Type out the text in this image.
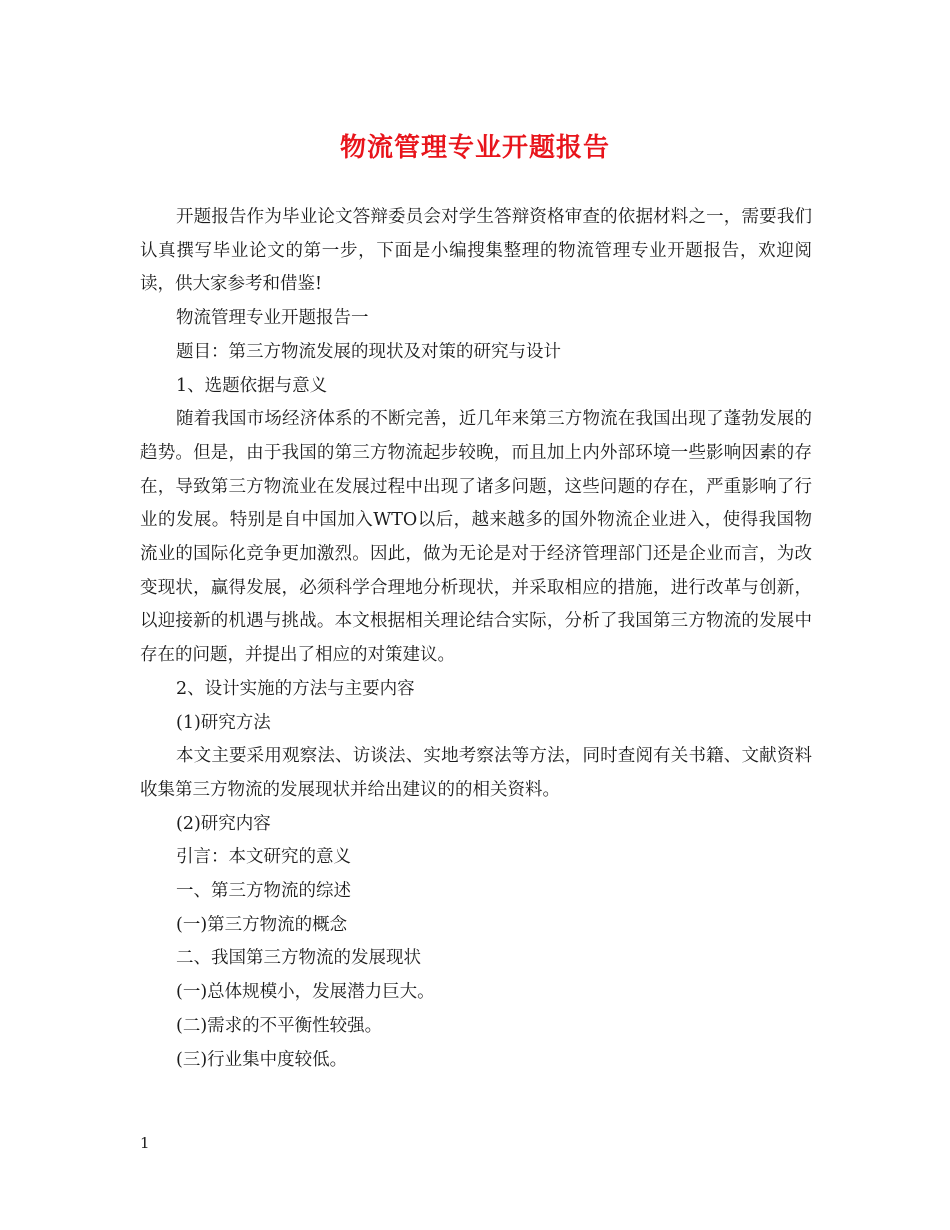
物流管理专业开题报告

开题报告作为毕业论文答辩委员会对学生答辩资格审查的依据材料之一，需要我们认真撰写毕业论文的第一步，下面是小编搜集整理的物流管理专业开题报告，欢迎阅读，供大家参考和借鉴!

物流管理专业开题报告一

题目：第三方物流发展的现状及对策的研究与设计

1、选题依据与意义

随着我国市场经济体系的不断完善，近几年来第三方物流在我国出现了蓬勃发展的趋势。但是，由于我国的第三方物流起步较晚，而且加上内外部环境一些影响因素的存在，导致第三方物流业在发展过程中出现了诸多问题，这些问题的存在，严重影响了行业的发展。特别是自中国加入WTO以后，越来越多的国外物流企业进入，使得我国物流业的国际化竞争更加激烈。因此，做为无论是对于经济管理部门还是企业而言，为改变现状，赢得发展，必须科学合理地分析现状，并采取相应的措施，进行改革与创新，以迎接新的机遇与挑战。本文根据相关理论结合实际，分析了我国第三方物流的发展中存在的问题，并提出了相应的对策建议。

2、设计实施的方法与主要内容

(1)研究方法

本文主要采用观察法、访谈法、实地考察法等方法，同时查阅有关书籍、文献资料收集第三方物流的发展现状并给出建议的的相关资料。

(2)研究内容

引言：本文研究的意义

一、第三方物流的综述

(一)第三方物流的概念

二、我国第三方物流的发展现状

(一)总体规模小，发展潜力巨大。

(二)需求的不平衡性较强。

(三)行业集中度较低。

1
